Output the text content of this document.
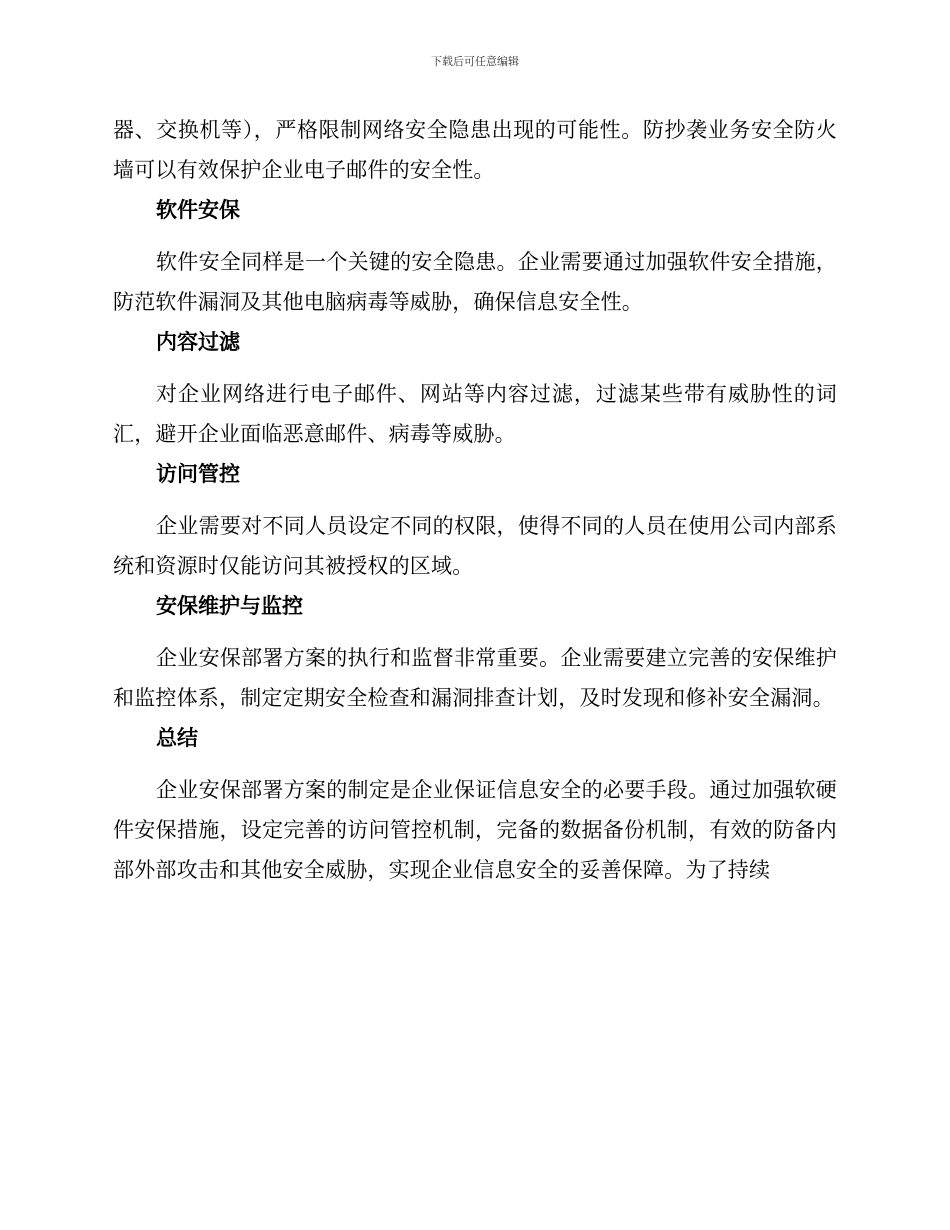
下载后可任意编辑

器、交换机等），严格限制网络安全隐患出现的可能性。防抄袭业务安全防火墙可以有效保护企业电子邮件的安全性。

软件安保

软件安全同样是一个关键的安全隐患。企业需要通过加强软件安全措施，防范软件漏洞及其他电脑病毒等威胁，确保信息安全性。

内容过滤

对企业网络进行电子邮件、网站等内容过滤，过滤某些带有威胁性的词汇，避开企业面临恶意邮件、病毒等威胁。

访问管控

企业需要对不同人员设定不同的权限，使得不同的人员在使用公司内部系统和资源时仅能访问其被授权的区域。

安保维护与监控

企业安保部署方案的执行和监督非常重要。企业需要建立完善的安保维护和监控体系，制定定期安全检查和漏洞排查计划，及时发现和修补安全漏洞。

总结

企业安保部署方案的制定是企业保证信息安全的必要手段。通过加强软硬件安保措施，设定完善的访问管控机制，完备的数据备份机制，有效的防备内部外部攻击和其他安全威胁，实现企业信息安全的妥善保障。为了持续
